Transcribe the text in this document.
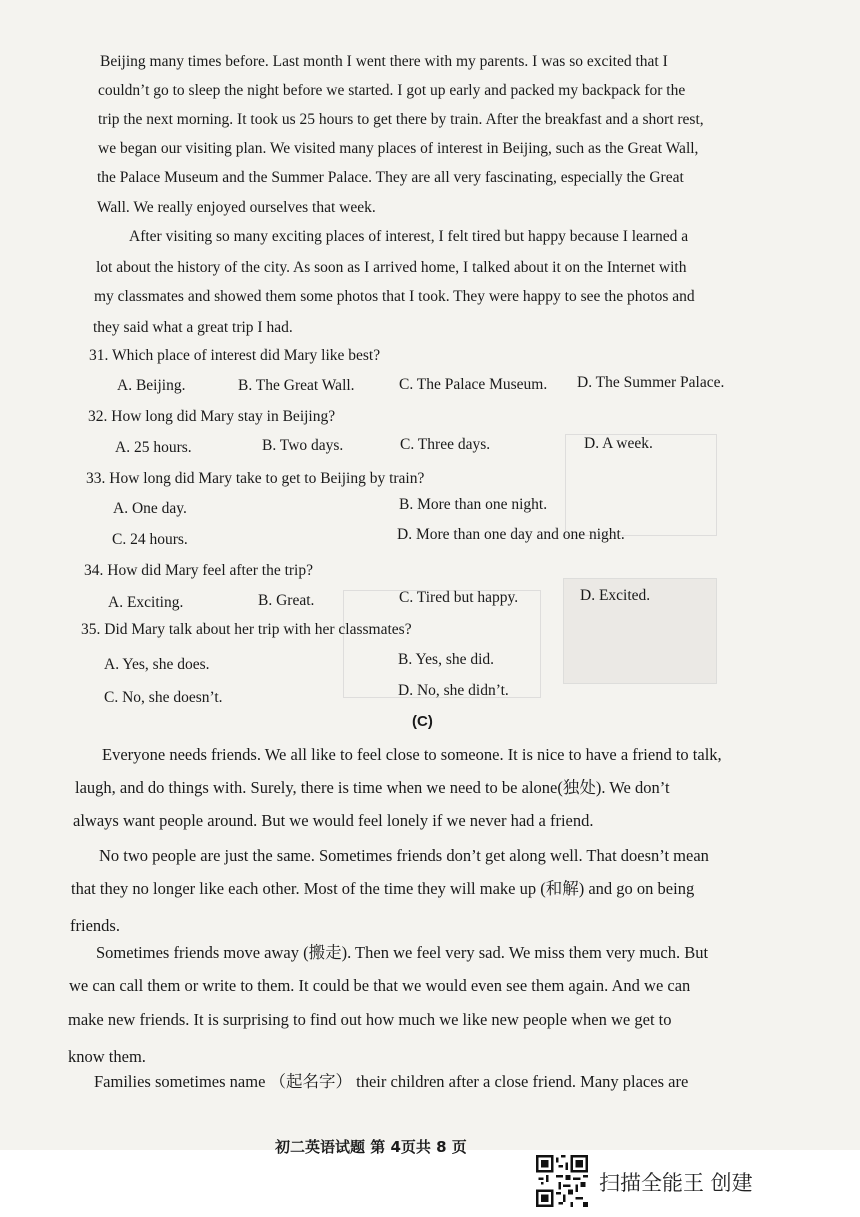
Beijing many times before. Last month I went there with my parents. I was so excited that I
couldn’t go to sleep the night before we started. I got up early and packed my backpack for the
trip the next morning. It took us 25 hours to get there by train. After the breakfast and a short rest,
we began our visiting plan. We visited many places of interest in Beijing, such as the Great Wall,
the Palace Museum and the Summer Palace. They are all very fascinating, especially the Great
Wall. We really enjoyed ourselves that week.
After visiting so many exciting places of interest, I felt tired but happy because I learned a
lot about the history of the city. As soon as I arrived home, I talked about it on the Internet with
my classmates and showed them some photos that I took. They were happy to see the photos and
they said what a great trip I had.
31. Which place of interest did Mary like best?
A. Beijing.	B. The Great Wall.	C. The Palace Museum. D. The Summer Palace.
32. How long did Mary stay in Beijing?
A. 25 hours.	B. Two days.	C. Three days.	D. A week.
33. How long did Mary take to get to Beijing by train?
A. One day.	B. More than one night.
C. 24 hours.	D. More than one day and one night.
34. How did Mary feel after the trip?
A. Exciting.	B. Great.	C. Tired but happy.	D. Excited.
35. Did Mary talk about her trip with her classmates?
A. Yes, she does.	B. Yes, she did.
C. No, she doesn’t.	D. No, she didn’t.
(C)
Everyone needs friends. We all like to feel close to someone. It is nice to have a friend to talk,
laugh, and do things with. Surely, there is time when we need to be alone(独处). We don’t
always want people around. But we would feel lonely if we never had a friend.
No two people are just the same. Sometimes friends don’t get along well. That doesn’t mean
that they no longer like each other. Most of the time they will make up (和解) and go on being
friends.
Sometimes friends move away (搬走). Then we feel very sad. We miss them very much. But
we can call them or write to them. It could be that we would even see them again. And we can
make new friends. It is surprising to find out how much we like new people when we get to
know them.
Families sometimes name （起名字） their children after a close friend. Many places are
初二英语试题 第 4页共 8 页
扫描全能王 创建
